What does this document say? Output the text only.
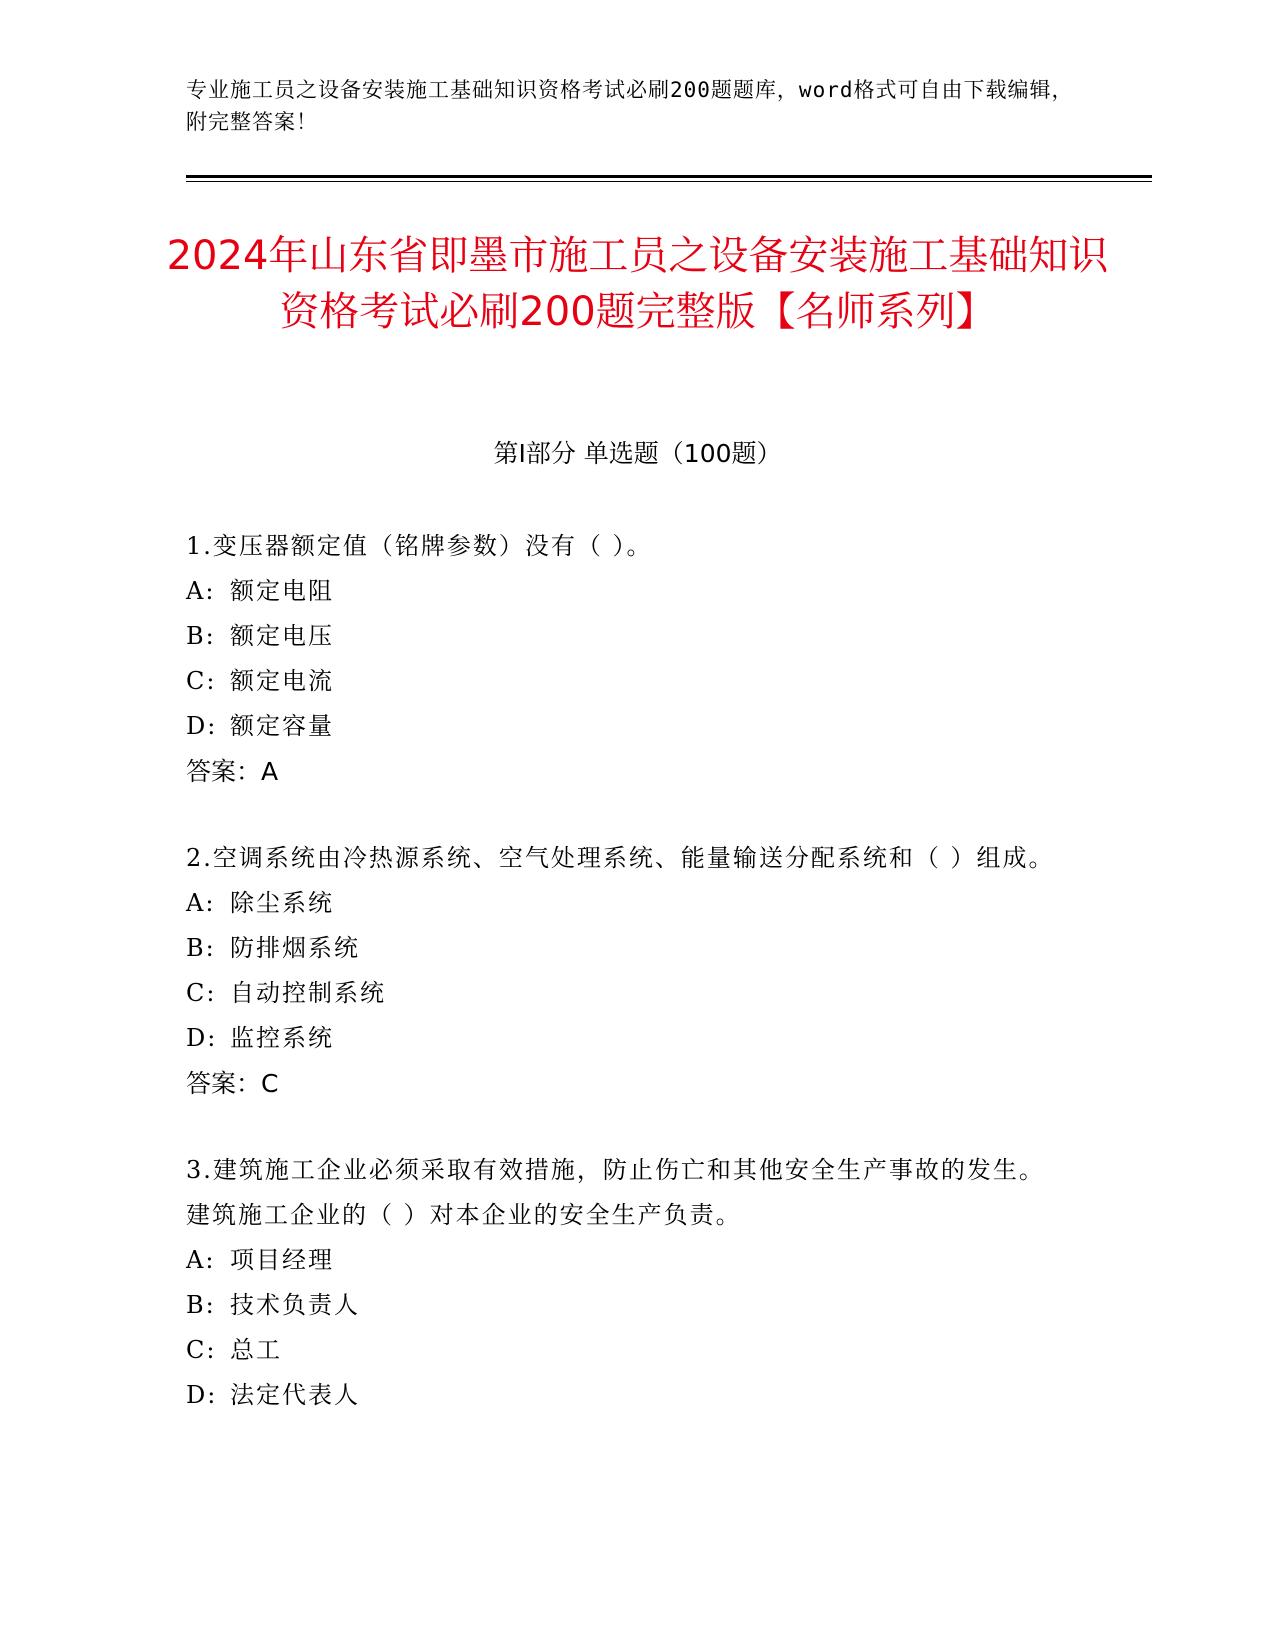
专业施工员之设备安装施工基础知识资格考试必刷200题题库，word格式可自由下载编辑，附完整答案！
2024年山东省即墨市施工员之设备安装施工基础知识资格考试必刷200题完整版【名师系列】
第Ⅰ部分 单选题（100题）
1.变压器额定值（铭牌参数）没有（ ）。
A: 额定电阻
B: 额定电压
C: 额定电流
D: 额定容量
答案：A
2.空调系统由冷热源系统、空气处理系统、能量输送分配系统和（ ）组成。
A: 除尘系统
B: 防排烟系统
C: 自动控制系统
D: 监控系统
答案：C
3.建筑施工企业必须采取有效措施，防止伤亡和其他安全生产事故的发生。建筑施工企业的（ ）对本企业的安全生产负责。
A: 项目经理
B: 技术负责人
C: 总工
D: 法定代表人
